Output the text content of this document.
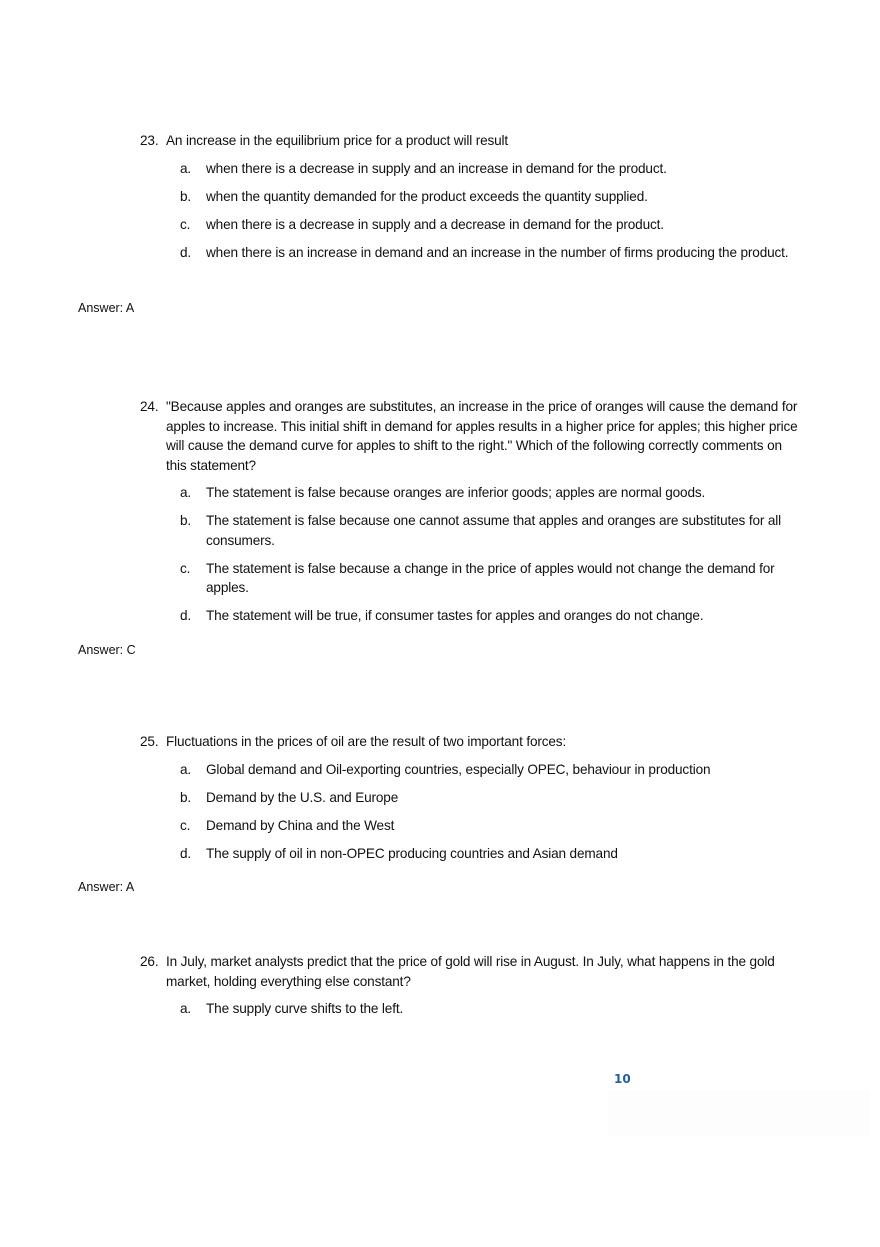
23. An increase in the equilibrium price for a product will result
a.	when there is a decrease in supply and an increase in demand for the product.
b.	when the quantity demanded for the product exceeds the quantity supplied.
c.	when there is a decrease in supply and a decrease in demand for the product.
d.	when there is an increase in demand and an increase in the number of firms producing the product.
Answer: A
24. "Because apples and oranges are substitutes, an increase in the price of oranges will cause the demand for apples to increase. This initial shift in demand for apples results in a higher price for apples; this higher price will cause the demand curve for apples to shift to the right." Which of the following correctly comments on this statement?
a.	The statement is false because oranges are inferior goods; apples are normal goods.
b.	The statement is false because one cannot assume that apples and oranges are substitutes for all consumers.
c.	The statement is false because a change in the price of apples would not change the demand for apples.
d.	The statement will be true, if consumer tastes for apples and oranges do not change.
Answer: C
25. Fluctuations in the prices of oil are the result of two important forces:
a.	Global demand and Oil-exporting countries, especially OPEC, behaviour in production
b.	Demand by the U.S. and Europe
c.	Demand by China and the West
d.	The supply of oil in non-OPEC producing countries and Asian demand
Answer: A
26. In July, market analysts predict that the price of gold will rise in August. In July, what happens in the gold market, holding everything else constant?
a.	The supply curve shifts to the left.
10
